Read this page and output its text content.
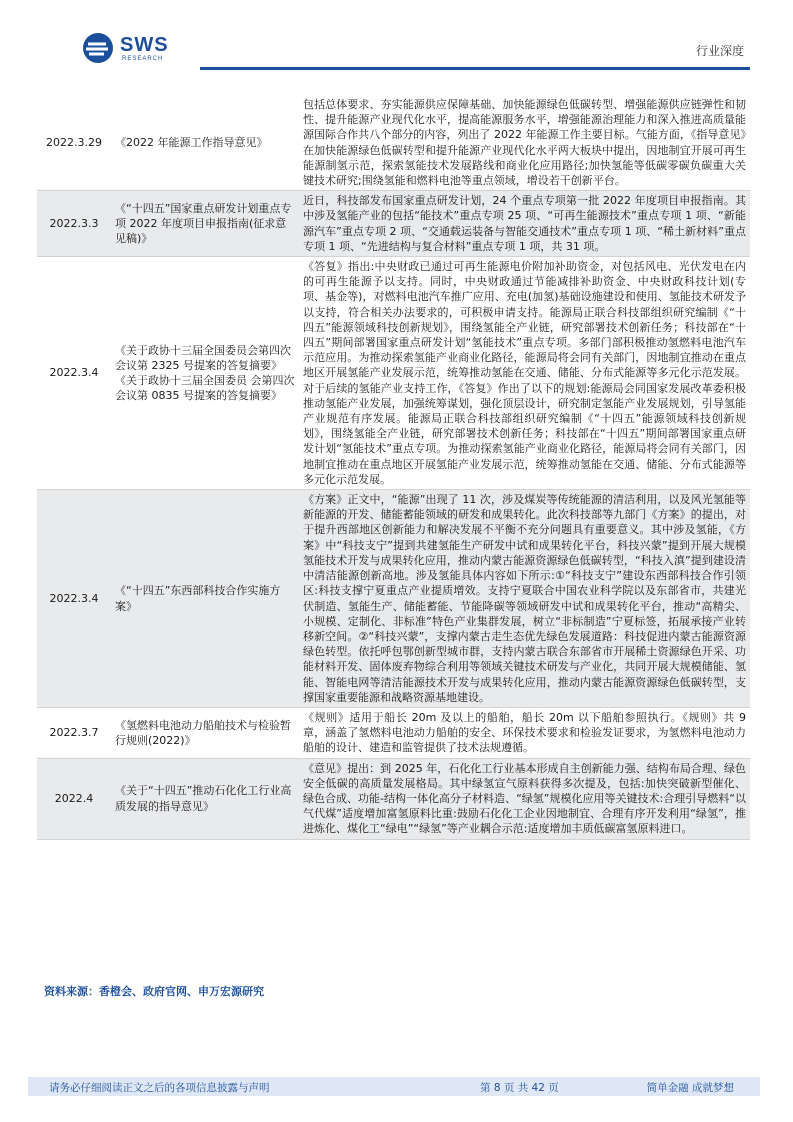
SWS
RESEARCH
行业深度
2022.3.29	《2022 年能源工作指导意见》	包括总体要求、夯实能源供应保障基础、加快能源绿色低碳转型、增强能源供应链弹性和韧性、提升能源产业现代化水平，提高能源服务水平，增强能源治理能力和深入推进高质量能源国际合作共八个部分的内容，列出了 2022 年能源工作主要目标。气能方面，《指导意见》在加快能源绿色低碳转型和提升能源产业现代化水平两大板块中提出，因地制宜开展可再生能源制氢示范，探索氢能技术发展路线和商业化应用路径;加快氢能等低碳零碳负碳重大关键技术研究;围绕氢能和燃料电池等重点领域，增设若干创新平台。
2022.3.3	《“十四五”国家重点研发计划重点专项 2022 年度项目申报指南(征求意见稿)》	近日，科技部发布国家重点研发计划，24 个重点专项第一批 2022 年度项目申报指南。其中涉及氢能产业的包括“能技术”重点专项 25 项、“可再生能源技术”重点专项 1 项、“新能源汽车”重点专项 2 项、“交通载运装备与智能交通技术”重点专项 1 项、“稀土新材料”重点专项 1 项、“先进结构与复合材料”重点专项 1 项，共 31 项。
2022.3.4	《关于政协十三届全国委员会第四次会议第 2325 号提案的答复摘要》《关于政协十三届全国委员 会第四次会议第 0835 号提案的答复摘要》	《答复》指出:中央财政已通过可再生能源电价附加补助资金，对包括风电、光伏发电在内的可再生能源予以支持。同时，中央财政通过节能减排补助资金、中央财政科技计划(专项、基金等)，对燃料电池汽车推广应用、充电(加氢)基础设施建设和使用、氢能技术研发予以支持，符合相关办法要求的，可积极申请支持。能源局正联合科技部组织研究编制《“十四五”能源领域科技创新规划》，围绕氢能全产业链，研究部署技术创新任务；科技部在“十四五”期间部署国家重点研发计划“氢能技术”重点专项。多部门部积极推动氢燃料电池汽车示范应用。为推动探索氢能产业商业化路径，能源局将会同有关部门，因地制宜推动在重点地区开展氢能产业发展示范，统筹推动氢能在交通、储能、分布式能源等多元化示范发展。对于后续的氢能产业支持工作，《答复》作出了以下的规划:能源局会同国家发展改革委积极推动氢能产业发展，加强统筹谋划，强化顶层设计，研究制定氢能产业发展规划，引导氢能产业规范有序发展。能源局正联合科技部组织研究编制《“十四五”能源领域科技创新规划》，围绕氢能全产业链，研究部署技术创新任务；科技部在“十四五”期间部署国家重点研发计划“氢能技术”重点专项。为推动探索氢能产业商业化路径，能源局将会同有关部门，因地制宜推动在重点地区开展氢能产业发展示范，统筹推动氢能在交通、储能、分布式能源等多元化示范发展。
2022.3.4	《“十四五”东西部科技合作实施方案》	《方案》正文中，“能源”出现了 11 次，涉及煤炭等传统能源的清洁利用，以及风光氢能等新能源的开发、储能蓄能领域的研发和成果转化。此次科技部等九部门《方案》的提出，对于提升西部地区创新能力和解决发展不平衡不充分问题具有重要意义。其中涉及氢能，《方案》中“科技支宁”提到共建氢能生产研发中试和成果转化平台，科技兴蒙”提到开展大规模氢能技术开发与成果转化应用，推动内蒙古能源资源绿色低碳转型，“科技入滇”提到建设清中清洁能源创新高地。涉及氢能具体内容如下所示:①“科技支宁”建设东西部科技合作引领区:科技支撑宁夏重点产业提质增效。支持宁夏联合中国农业科学院以及东部省市，共建光伏制造、氢能生产、储能蓄能、节能降碳等领域研发中试和成果转化平台，推动“高精尖、小规模、定制化、非标准”特色产业集群发展，树立“非标制造”宁夏标签，拓展承接产业转移新空间。②“科技兴蒙”，支撑内蒙古走生态优先绿色发展道路：科技促进内蒙古能源资源绿色转型。依托呼包鄂创新型城市群，支持内蒙古联合东部省市开展稀土资源绿色开采、功能材料开发、固体废弃物综合利用等领域关键技术研发与产业化，共同开展大规模储能、氢能、智能电网等清洁能源技术开发与成果转化应用，推动内蒙古能源资源绿色低碳转型，支撑国家重要能源和战略资源基地建设。
2022.3.7	《氢燃料电池动力船舶技术与检验暂行规则(2022)》	《规则》适用于船长 20m 及以上的船舶，船长 20m 以下船舶参照执行。《规则》共 9 章，涵盖了氢燃料电池动力船舶的安全、环保技术要求和检验发证要求，为氢燃料电池动力船舶的设计、建造和监管提供了技术法规遵循。
2022.4	《关于“十四五”推动石化化工行业高质发展的指导意见》	《意见》提出：到 2025 年，石化化工行业基本形成自主创新能力强、结构布局合理、绿色安全低碳的高质量发展格局。其中绿氢宣气原料获得多次提及，包括:加快突破新型催化、绿色合成、功能-结构一体化高分子材料造、“绿氢”规模化应用等关键技术:合理引导燃料“以气代煤”适度增加富氢原料比重:鼓励石化化工企业因地制宜、合理有序开发利用“绿氢”，推进炼化、煤化工“绿电”“绿氢”等产业耦合示范:适度增加丰质低碳富氢原料进口。
资料来源：香橙会、政府官网、申万宏源研究
请务必仔细阅读正文之后的各项信息披露与声明	第 8 页 共 42 页	简单金融 成就梦想
